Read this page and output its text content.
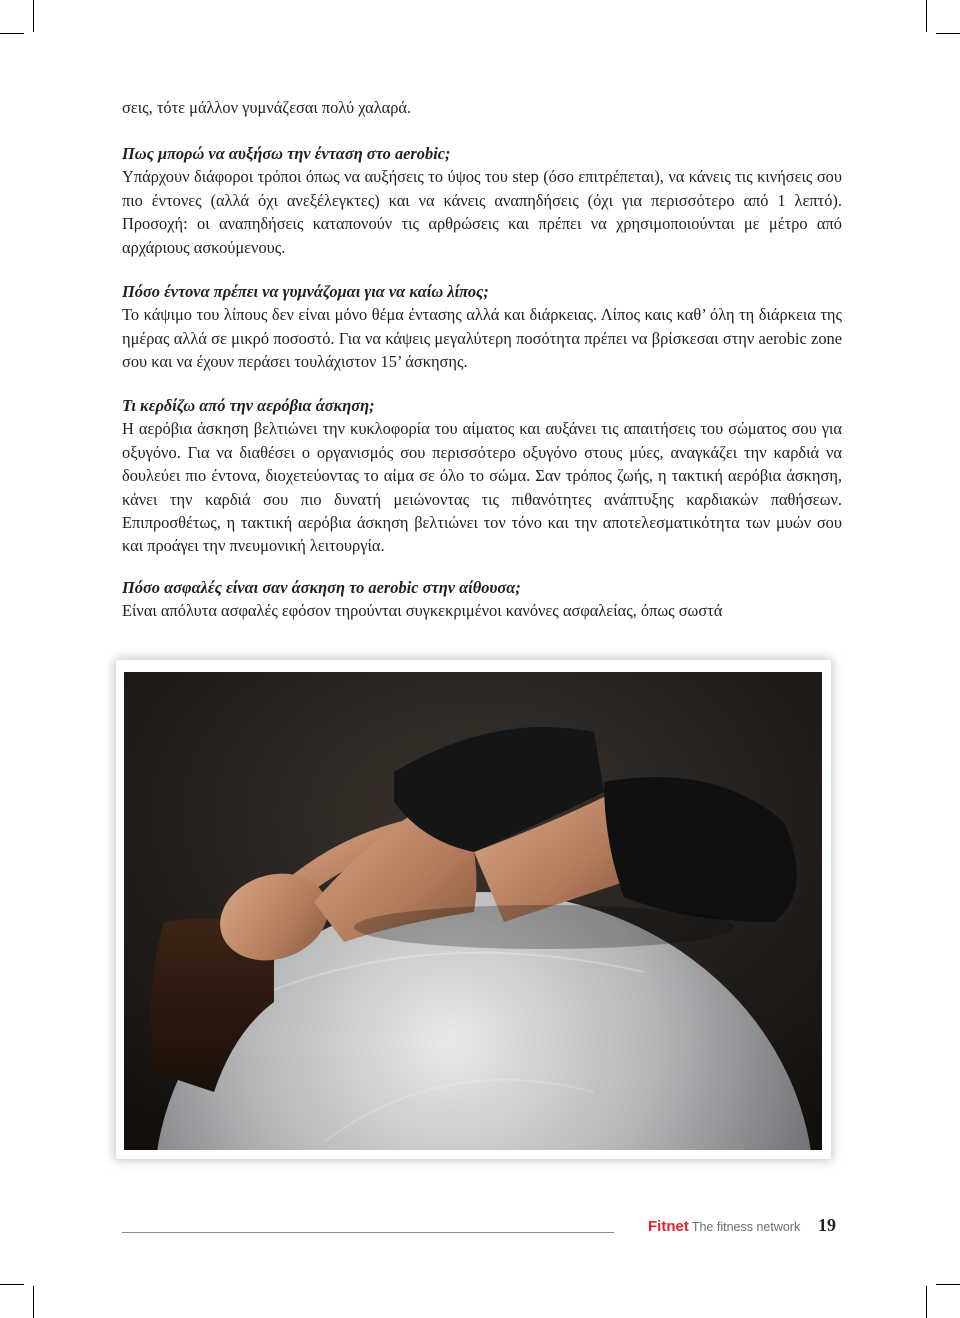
σεις, τότε μάλλον γυμνάζεσαι πολύ χαλαρά.

Πως μπορώ να αυξήσω την ένταση στο aerobic;

Υπάρχουν διάφοροι τρόποι όπως να αυξήσεις το ύψος του step (όσο επιτρέπεται), να κάνεις τις κινήσεις σου πιο έντονες (αλλά όχι ανεξέλεγκτες) και να κάνεις αναπηδήσεις (όχι για περισσότερο από 1 λεπτό). Προσοχή: οι αναπηδήσεις καταπονούν τις αρθρώσεις και πρέπει να χρησιμοποιούνται με μέτρο από αρχάριους ασκούμενους.

Πόσο έντονα πρέπει να γυμνάζομαι για να καίω λίπος;

Το κάψιμο του λίπους δεν είναι μόνο θέμα έντασης αλλά και διάρκειας. Λίπος καις καθ’ όλη τη διάρκεια της ημέρας αλλά σε μικρό ποσοστό. Για να κάψεις μεγαλύτερη ποσότητα πρέπει να βρίσκεσαι στην aerobic zone σου και να έχουν περάσει τουλάχιστον 15’ άσκησης.

Τι κερδίζω από την αερόβια άσκηση;

Η αερόβια άσκηση βελτιώνει την κυκλοφορία του αίματος και αυξάνει τις απαιτήσεις του σώματος σου για οξυγόνο. Για να διαθέσει ο οργανισμός σου περισσότερο οξυγόνο στους μύες, αναγκάζει την καρδιά να δουλεύει πιο έντονα, διοχετεύοντας το αίμα σε όλο το σώμα. Σαν τρόπος ζωής, η τακτική αερόβια άσκηση, κάνει την καρδιά σου πιο δυνατή μειώνοντας τις πιθανότητες ανάπτυξης καρδιακών παθήσεων. Επιπροσθέτως, η τακτική αερόβια άσκηση βελτιώνει τον τόνο και την αποτελεσματικότητα των μυών σου και προάγει την πνευμονική λειτουργία.

Πόσο ασφαλές είναι σαν άσκηση το aerobic στην αίθουσα;

Είναι απόλυτα ασφαλές εφόσον τηρούνται συγκεκριμένοι κανόνες ασφαλείας, όπως σωστά

Fitnet The fitness network 19
